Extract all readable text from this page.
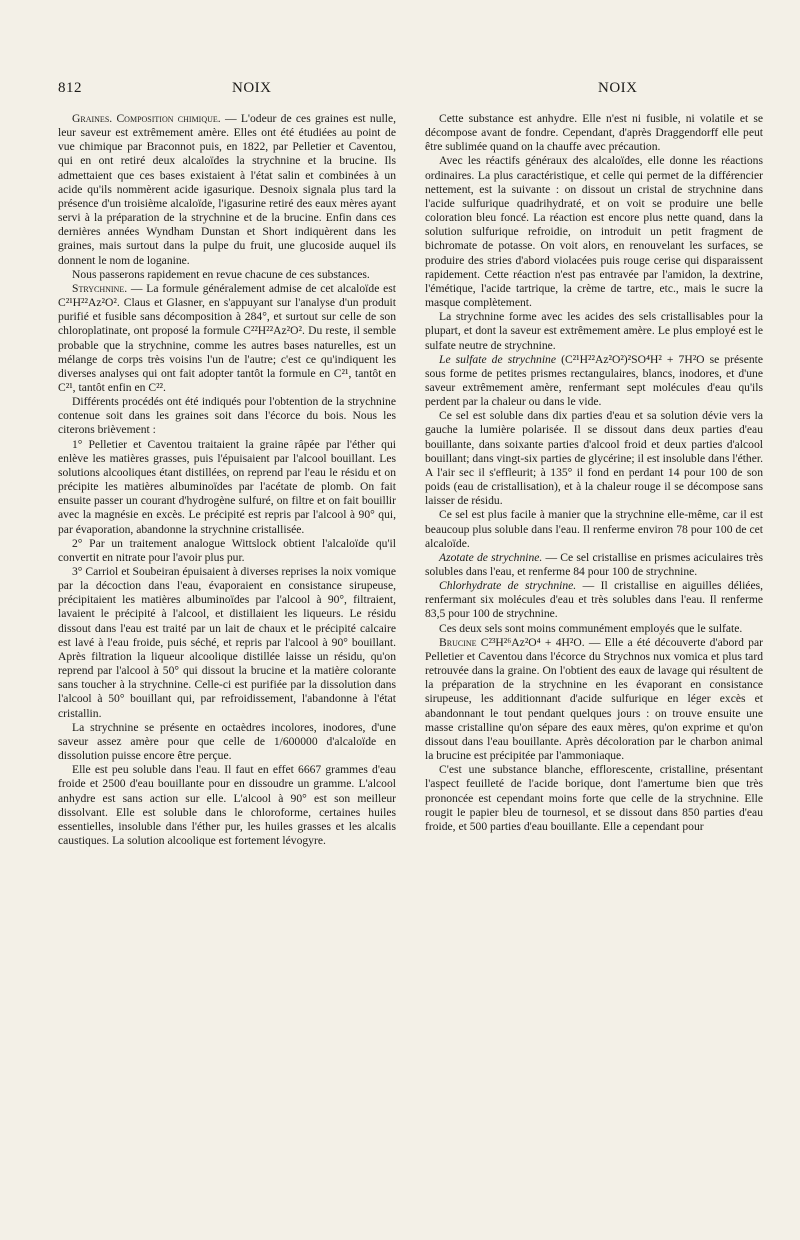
812	NOIX	NOIX

Graines. Composition chimique. — L'odeur de ces graines est nulle, leur saveur est extrêmement amère. Elles ont été étudiées au point de vue chimique par Braconnot puis, en 1822, par Pelletier et Caventou, qui en ont retiré deux alcaloïdes la strychnine et la brucine. Ils admettaient que ces bases existaient à l'état salin et combinées à un acide qu'ils nommèrent acide igasurique. Desnoix signala plus tard la présence d'un troisième alcaloïde, l'igasurine retiré des eaux mères ayant servi à la préparation de la strychnine et de la brucine. Enfin dans ces dernières années Wyndham Dunstan et Short indiquèrent dans les graines, mais surtout dans la pulpe du fruit, une glucoside auquel ils donnent le nom de loganine.

Nous passerons rapidement en revue chacune de ces substances.

Strychnine. — La formule généralement admise de cet alcaloïde est C²¹H²²Az²O². Claus et Glasner, en s'appuyant sur l'analyse d'un produit purifié et fusible sans décomposition à 284°, et surtout sur celle de son chloroplatinate, ont proposé la formule C²²H²²Az²O². Du reste, il semble probable que la strychnine, comme les autres bases naturelles, est un mélange de corps très voisins l'un de l'autre; c'est ce qu'indiquent les diverses analyses qui ont fait adopter tantôt la formule en C²¹, tantôt en C²¹, tantôt enfin en C²².

Différents procédés ont été indiqués pour l'obtention de la strychnine contenue soit dans les graines soit dans l'écorce du bois. Nous les citerons brièvement :

1° Pelletier et Caventou traitaient la graine râpée par l'éther qui enlève les matières grasses, puis l'épuisaient par l'alcool bouillant. Les solutions alcooliques étant distillées, on reprend par l'eau le résidu et on précipite les matières albuminoïdes par l'acétate de plomb. On fait ensuite passer un courant d'hydrogène sulfuré, on filtre et on fait bouillir avec la magnésie en excès. Le précipité est repris par l'alcool à 90° qui, par évaporation, abandonne la strychnine cristallisée.

2° Par un traitement analogue Wittslock obtient l'alcaloïde qu'il convertit en nitrate pour l'avoir plus pur.

3° Carriol et Soubeiran épuisaient à diverses reprises la noix vomique par la décoction dans l'eau, évaporaient en consistance sirupeuse, précipitaient les matières albuminoïdes par l'alcool à 90°, filtraient, lavaient le précipité à l'alcool, et distillaient les liqueurs. Le résidu dissout dans l'eau est traité par un lait de chaux et le précipité calcaire est lavé à l'eau froide, puis séché, et repris par l'alcool à 90° bouillant. Après filtration la liqueur alcoolique distillée laisse un résidu, qu'on reprend par l'alcool à 50° qui dissout la brucine et la matière colorante sans toucher à la strychnine. Celle-ci est purifiée par la dissolution dans l'alcool à 50° bouillant qui, par refroidissement, l'abandonne à l'état cristallin.

La strychnine se présente en octaèdres incolores, inodores, d'une saveur assez amère pour que celle de 1/600000 d'alcaloïde en dissolution puisse encore être perçue.

Elle est peu soluble dans l'eau. Il faut en effet 6667 grammes d'eau froide et 2500 d'eau bouillante pour en dissoudre un gramme. L'alcool anhydre est sans action sur elle. L'alcool à 90° est son meilleur dissolvant. Elle est soluble dans le chloroforme, certaines huiles essentielles, insoluble dans l'éther pur, les huiles grasses et les alcalis caustiques. La solution alcoolique est fortement lévogyre.

Cette substance est anhydre. Elle n'est ni fusible, ni volatile et se décompose avant de fondre. Cependant, d'après Draggendorff elle peut être sublimée quand on la chauffe avec précaution.

Avec les réactifs généraux des alcaloïdes, elle donne les réactions ordinaires. La plus caractéristique, et celle qui permet de la différencier nettement, est la suivante : on dissout un cristal de strychnine dans l'acide sulfurique quadrihydraté, et on voit se produire une belle coloration bleu foncé. La réaction est encore plus nette quand, dans la solution sulfurique refroidie, on introduit un petit fragment de bichromate de potasse. On voit alors, en renouvelant les surfaces, se produire des stries d'abord violacées puis rouge cerise qui disparaissent rapidement. Cette réaction n'est pas entravée par l'amidon, la dextrine, l'émétique, l'acide tartrique, la crème de tartre, etc., mais le sucre la masque complètement.

La strychnine forme avec les acides des sels cristallisables pour la plupart, et dont la saveur est extrêmement amère. Le plus employé est le sulfate neutre de strychnine.

Le sulfate de strychnine (C²¹H²²Az²O²)²SO⁴H² + 7H²O se présente sous forme de petites prismes rectangulaires, blancs, inodores, et d'une saveur extrêmement amère, renfermant sept molécules d'eau qu'ils perdent par la chaleur ou dans le vide.

Ce sel est soluble dans dix parties d'eau et sa solution dévie vers la gauche la lumière polarisée. Il se dissout dans deux parties d'eau bouillante, dans soixante parties d'alcool froid et deux parties d'alcool bouillant; dans vingt-six parties de glycérine; il est insoluble dans l'éther. A l'air sec il s'effleurit; à 135° il fond en perdant 14 pour 100 de son poids (eau de cristallisation), et à la chaleur rouge il se décompose sans laisser de résidu.

Ce sel est plus facile à manier que la strychnine elle-même, car il est beaucoup plus soluble dans l'eau. Il renferme environ 78 pour 100 de cet alcaloïde.

Azotate de strychnine. — Ce sel cristallise en prismes aciculaires très solubles dans l'eau, et renferme 84 pour 100 de strychnine.

Chlorhydrate de strychnine. — Il cristallise en aiguilles déliées, renfermant six molécules d'eau et très solubles dans l'eau. Il renferme 83,5 pour 100 de strychnine.

Ces deux sels sont moins communément employés que le sulfate.

Brucine C²³H²⁶Az²O⁴ + 4H²O. — Elle a été découverte d'abord par Pelletier et Caventou dans l'écorce du Strychnos nux vomica et plus tard retrouvée dans la graine. On l'obtient des eaux de lavage qui résultent de la préparation de la strychnine en les évaporant en consistance sirupeuse, les additionnant d'acide sulfurique en léger excès et abandonnant le tout pendant quelques jours : on trouve ensuite une masse cristalline qu'on sépare des eaux mères, qu'on exprime et qu'on dissout dans l'eau bouillante. Après décoloration par le charbon animal la brucine est précipitée par l'ammoniaque.

C'est une substance blanche, efflorescente, cristalline, présentant l'aspect feuilleté de l'acide borique, dont l'amertume bien que très prononcée est cependant moins forte que celle de la strychnine. Elle rougit le papier bleu de tournesol, et se dissout dans 850 parties d'eau froide, et 500 parties d'eau bouillante. Elle a cependant pour
